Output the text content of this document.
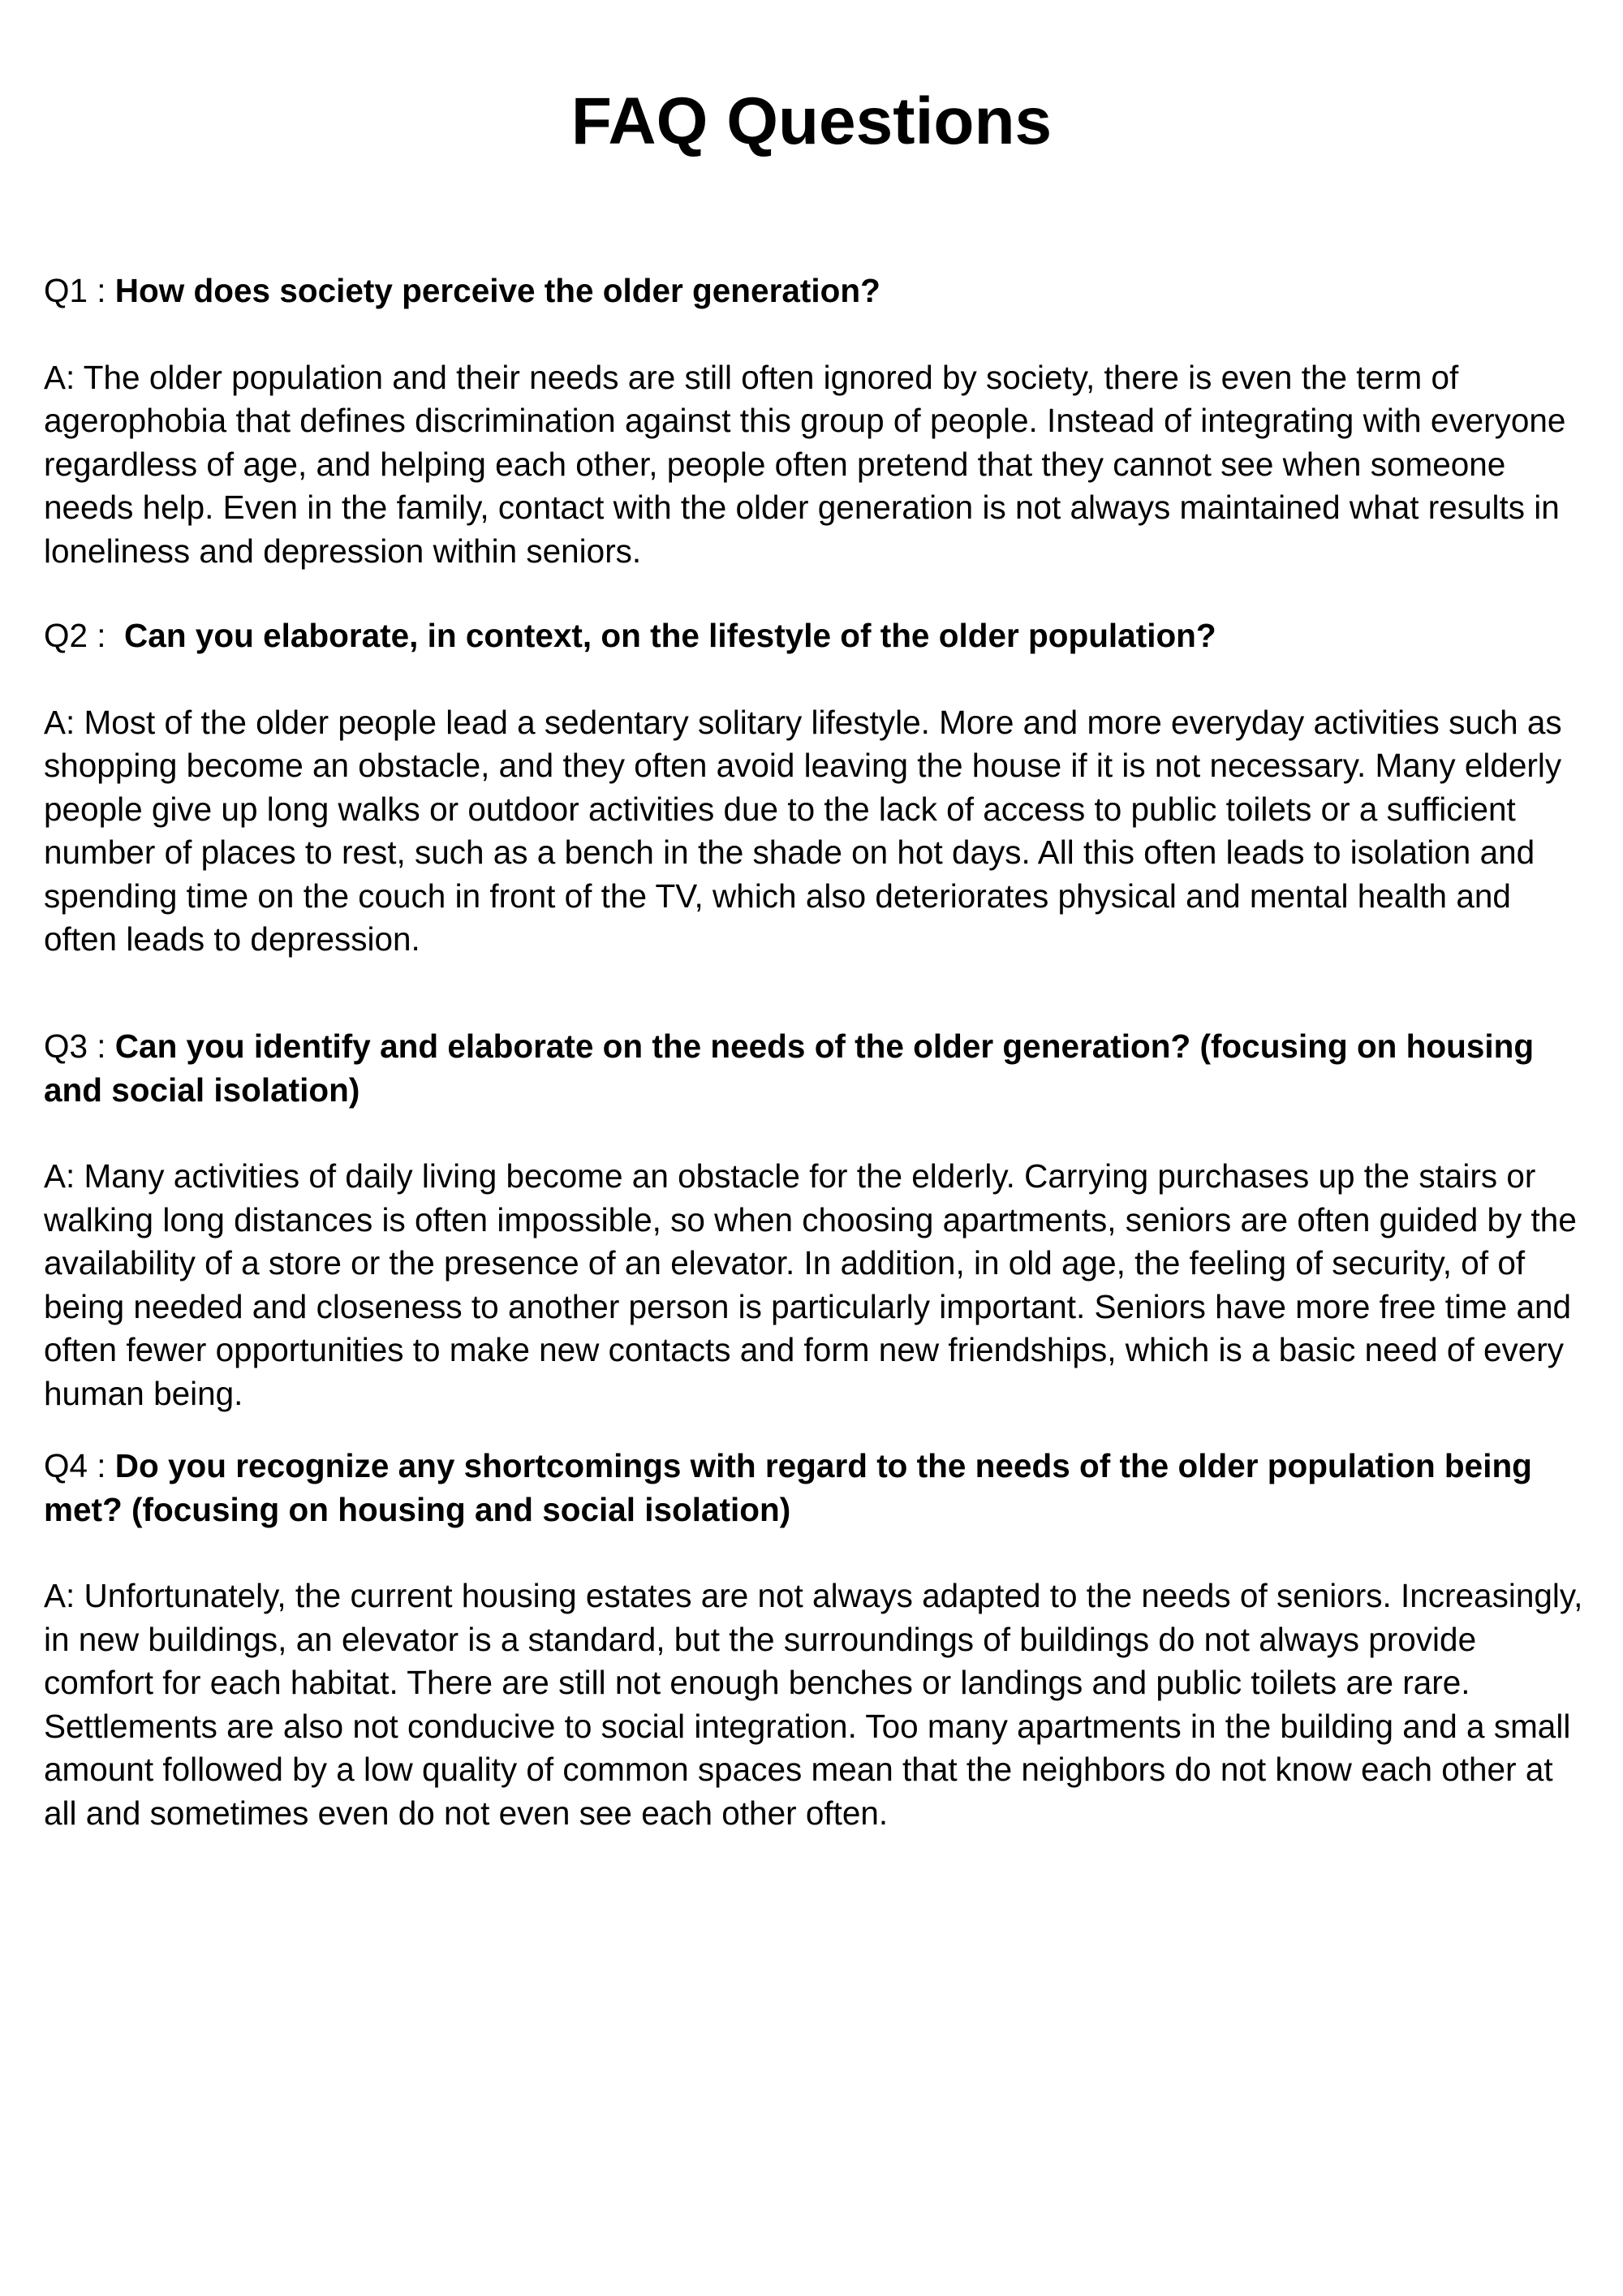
FAQ Questions

Q1 : How does society perceive the older generation?

A: The older population and their needs are still often ignored by society, there is even the term of agerophobia that defines discrimination against this group of people. Instead of integrating with everyone regardless of age, and helping each other, people often pretend that they cannot see when someone needs help. Even in the family, contact with the older generation is not always maintained what results in loneliness and depression within seniors.

Q2 : Can you elaborate, in context, on the lifestyle of the older population?

A: Most of the older people lead a sedentary solitary lifestyle. More and more everyday activities such as shopping become an obstacle, and they often avoid leaving the house if it is not necessary. Many elderly people give up long walks or outdoor activities due to the lack of access to public toilets or a sufficient number of places to rest, such as a bench in the shade on hot days. All this often leads to isolation and spending time on the couch in front of the TV, which also deteriorates physical and mental health and often leads to depression.

Q3 : Can you identify and elaborate on the needs of the older generation? (focusing on housing and social isolation)

A: Many activities of daily living become an obstacle for the elderly. Carrying purchases up the stairs or walking long distances is often impossible, so when choosing apartments, seniors are often guided by the availability of a store or the presence of an elevator. In addition, in old age, the feeling of security, of of being needed and closeness to another person is particularly important. Seniors have more free time and often fewer opportunities to make new contacts and form new friendships, which is a basic need of every human being.

Q4 : Do you recognize any shortcomings with regard to the needs of the older population being met? (focusing on housing and social isolation)

A: Unfortunately, the current housing estates are not always adapted to the needs of seniors. Increasingly, in new buildings, an elevator is a standard, but the surroundings of buildings do not always provide comfort for each habitat. There are still not enough benches or landings and public toilets are rare. Settlements are also not conducive to social integration. Too many apartments in the building and a small amount followed by a low quality of common spaces mean that the neighbors do not know each other at all and sometimes even do not even see each other often.
